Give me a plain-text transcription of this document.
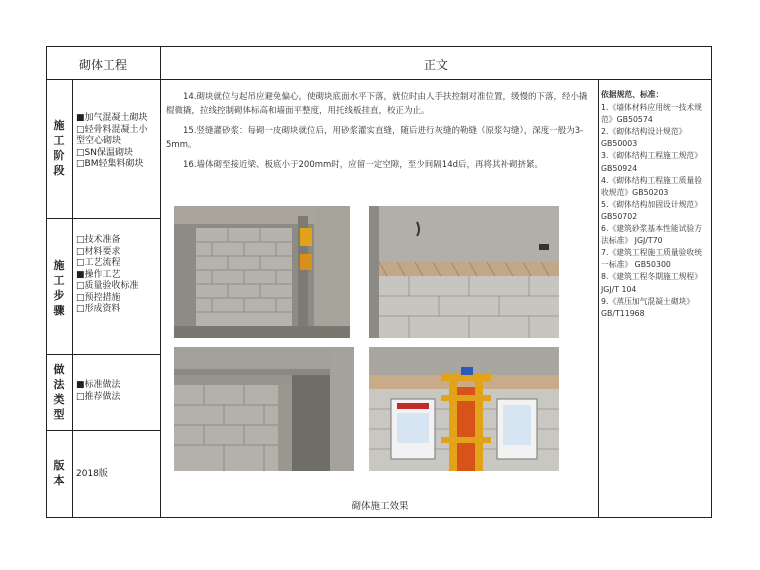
砌体工程	正文
施
工
阶
段
■加气混凝土砌块
□轻骨料混凝土小
型空心砌块
□SN保温砌块
□BM轻集料砌块
施
工
步
骤
□技术准备
□材料要求
□工艺流程
■操作工艺
□质量验收标准
□预控措施
□形成资料
做
法
类
型
■标准做法
□推荐做法
版
本	2018版

14.砌块就位与起吊应避免偏心，使砌块底面水平下落，就位时由人手扶控制对准位置，缓慢的下落，经小撬棍微撬，拉线控制砌体标高和墙面平整度，用托线板挂直，校正为止。

15.竖缝灌砂浆：每砌一皮砌块就位后，用砂浆灌实直缝，随后进行灰缝的勒缝（原浆勾缝），深度一般为3-5mm。

16.墙体砌至接近梁、板底小于200mm时，应留一定空隙，至少间隔14d后，再将其补砌挤紧。

砌体施工效果
依据规范、标准：
1.《墙体材料应用统一技术规范》GB50574
2.《砌体结构设计规范》GB50003
3.《砌体结构工程施工规范》GB50924
4.《砌体结构工程施工质量验收规范》GB50203
5.《砌体结构加固设计规范》GB50702
6.《建筑砂浆基本性能试验方法标准》 JGJ/T70
7.《建筑工程施工质量验收统一标准》 GB50300
8.《建筑工程冬期施工规程》JGJ/T 104
9.《蒸压加气混凝土砌块》GB/T11968
